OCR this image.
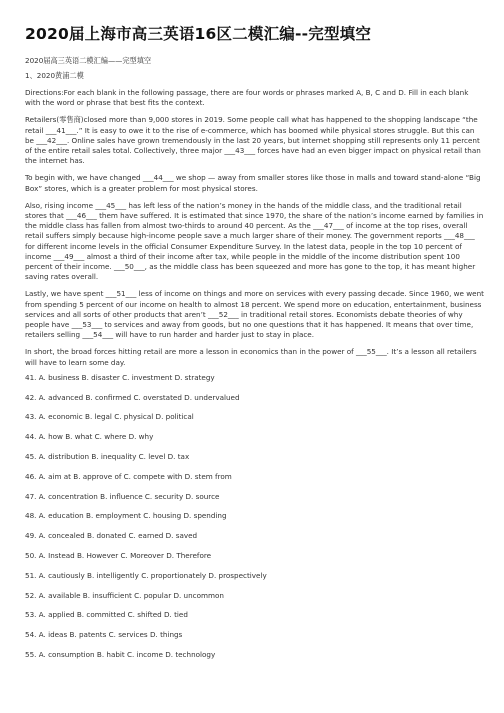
2020届上海市高三英语16区二模汇编--完型填空
2020届高三英语二模汇编——完型填空
1、2020黄浦二模

Directions:For each blank in the following passage, there are four words or phrases marked A, B, C and D. Fill in each blank with the word or phrase that best fits the context.

Retailers(零售商)closed more than 9,000 stores in 2019. Some people call what has happened to the shopping landscape “the retail ___41___.” It is easy to owe it to the rise of e-commerce, which has boomed while physical stores struggle. But this can be ___42___. Online sales have grown tremendously in the last 20 years, but internet shopping still represents only 11 percent of the entire retail sales total. Collectively, three major ___43___ forces have had an even bigger impact on physical retail than the internet has.

To begin with, we have changed ___44___ we shop — away from smaller stores like those in malls and toward stand-alone “Big Box” stores, which is a greater problem for most physical stores.

Also, rising income ___45___ has left less of the nation’s money in the hands of the middle class, and the traditional retail stores that ___46___ them have suffered. It is estimated that since 1970, the share of the nation’s income earned by families in the middle class has fallen from almost two-thirds to around 40 percent. As the ___47___ of income at the top rises, overall retail suffers simply because high-income people save a much larger share of their money. The government reports ___48___ for different income levels in the official Consumer Expenditure Survey. In the latest data, people in the top 10 percent of income ___49___ almost a third of their income after tax, while people in the middle of the income distribution spent 100 percent of their income. ___50___, as the middle class has been squeezed and more has gone to the top, it has meant higher saving rates overall.

Lastly, we have spent ___51___ less of income on things and more on services with every passing decade. Since 1960, we went from spending 5 percent of our income on health to almost 18 percent. We spend more on education, entertainment, business services and all sorts of other products that aren’t ___52___ in traditional retail stores. Economists debate theories of why people have ___53___ to services and away from goods, but no one questions that it has happened. It means that over time, retailers selling ___54___ will have to run harder and harder just to stay in place.

In short, the broad forces hitting retail are more a lesson in economics than in the power of ___55___. It’s a lesson all retailers will have to learn some day.

41. A. business B. disaster C. investment D. strategy
42. A. advanced B. confirmed C. overstated D. undervalued
43. A. economic B. legal C. physical D. political
44. A. how B. what C. where D. why
45. A. distribution B. inequality C. level D. tax
46. A. aim at B. approve of C. compete with D. stem from
47. A. concentration B. influence C. security D. source
48. A. education B. employment C. housing D. spending
49. A. concealed B. donated C. earned D. saved
50. A. Instead B. However C. Moreover D. Therefore
51. A. cautiously B. intelligently C. proportionately D. prospectively
52. A. available B. insufficient C. popular D. uncommon
53. A. applied B. committed C. shifted D. tied
54. A. ideas B. patents C. services D. things
55. A. consumption B. habit C. income D. technology
